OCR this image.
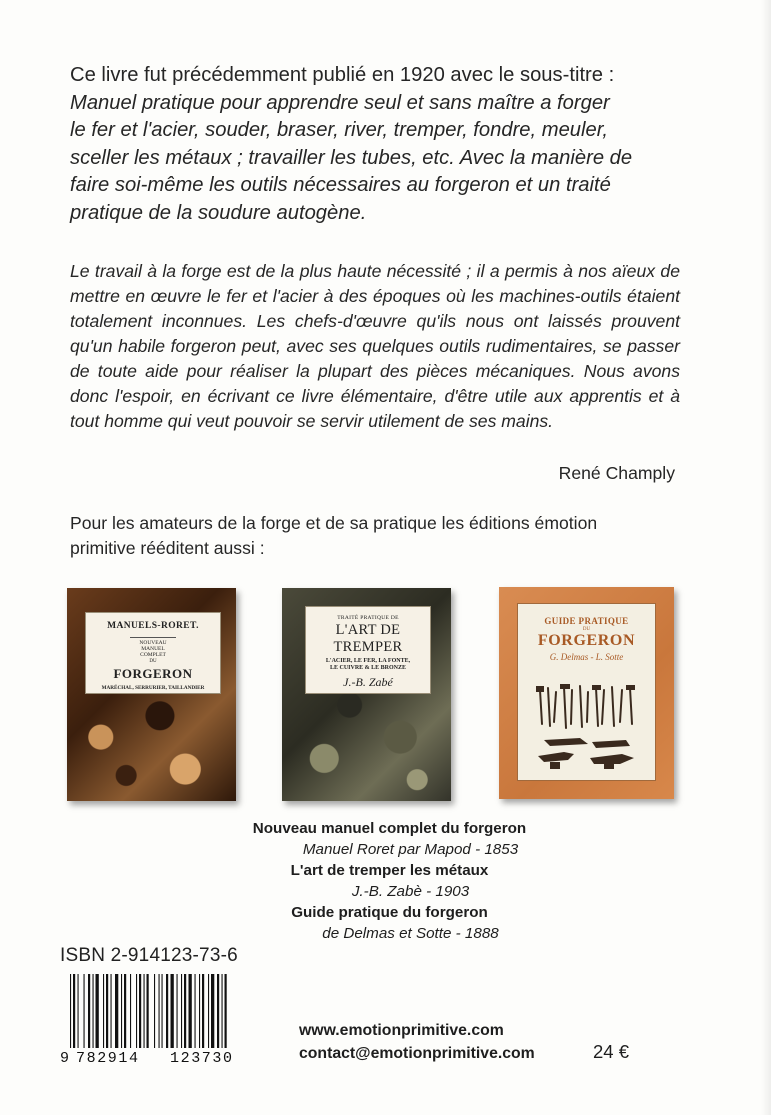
Ce livre fut précédemment publié en 1920 avec le sous-titre :

Manuel pratique pour apprendre seul et sans maître a forger

le fer et l'acier, souder, braser, river, tremper, fondre, meuler,

sceller les métaux ; travailler les tubes, etc. Avec la manière de

faire soi-même les outils nécessaires au forgeron et un traité

pratique de la soudure autogène.

Le travail à la forge est de la plus haute nécessité ; il a permis à nos aïeux de mettre en œuvre le fer et l'acier à des époques où les machines-outils étaient totalement inconnues. Les chefs-d'œuvre qu'ils nous ont laissés prouvent qu'un habile forgeron peut, avec ses quelques outils rudimentaires, se passer de toute aide pour réaliser la plupart des pièces mécaniques. Nous avons donc l'espoir, en écrivant ce livre élémentaire, d'être utile aux apprentis et à tout homme qui veut pouvoir se servir utilement de ses mains.

René Champly
Pour les amateurs de la forge et de sa pratique les éditions émotion
primitive rééditent aussi :
MANUELS-RORET.
NOUVEAU MANUEL COMPLET
DU
FORGERON
MARÉCHAL, SERRURIER, TAILLANDIER
TRAITÉ PRATIQUE DE
L'ART DE
TREMPER
L'ACIER, LE FER, LA FONTE,
LE CUIVRE & LE BRONZE
J.-B. Zabé
GUIDE PRATIQUE
DU
FORGERON
G. Delmas - L. Sotte
Nouveau manuel complet du forgeron
Manuel Roret par Mapod - 1853
L'art de tremper les métaux
J.-B. Zabè - 1903
Guide pratique du forgeron
de Delmas et Sotte - 1888
ISBN 2-914123-73-6
9 782914 123730
www.emotionprimitive.com
contact@emotionprimitive.com	24 €
